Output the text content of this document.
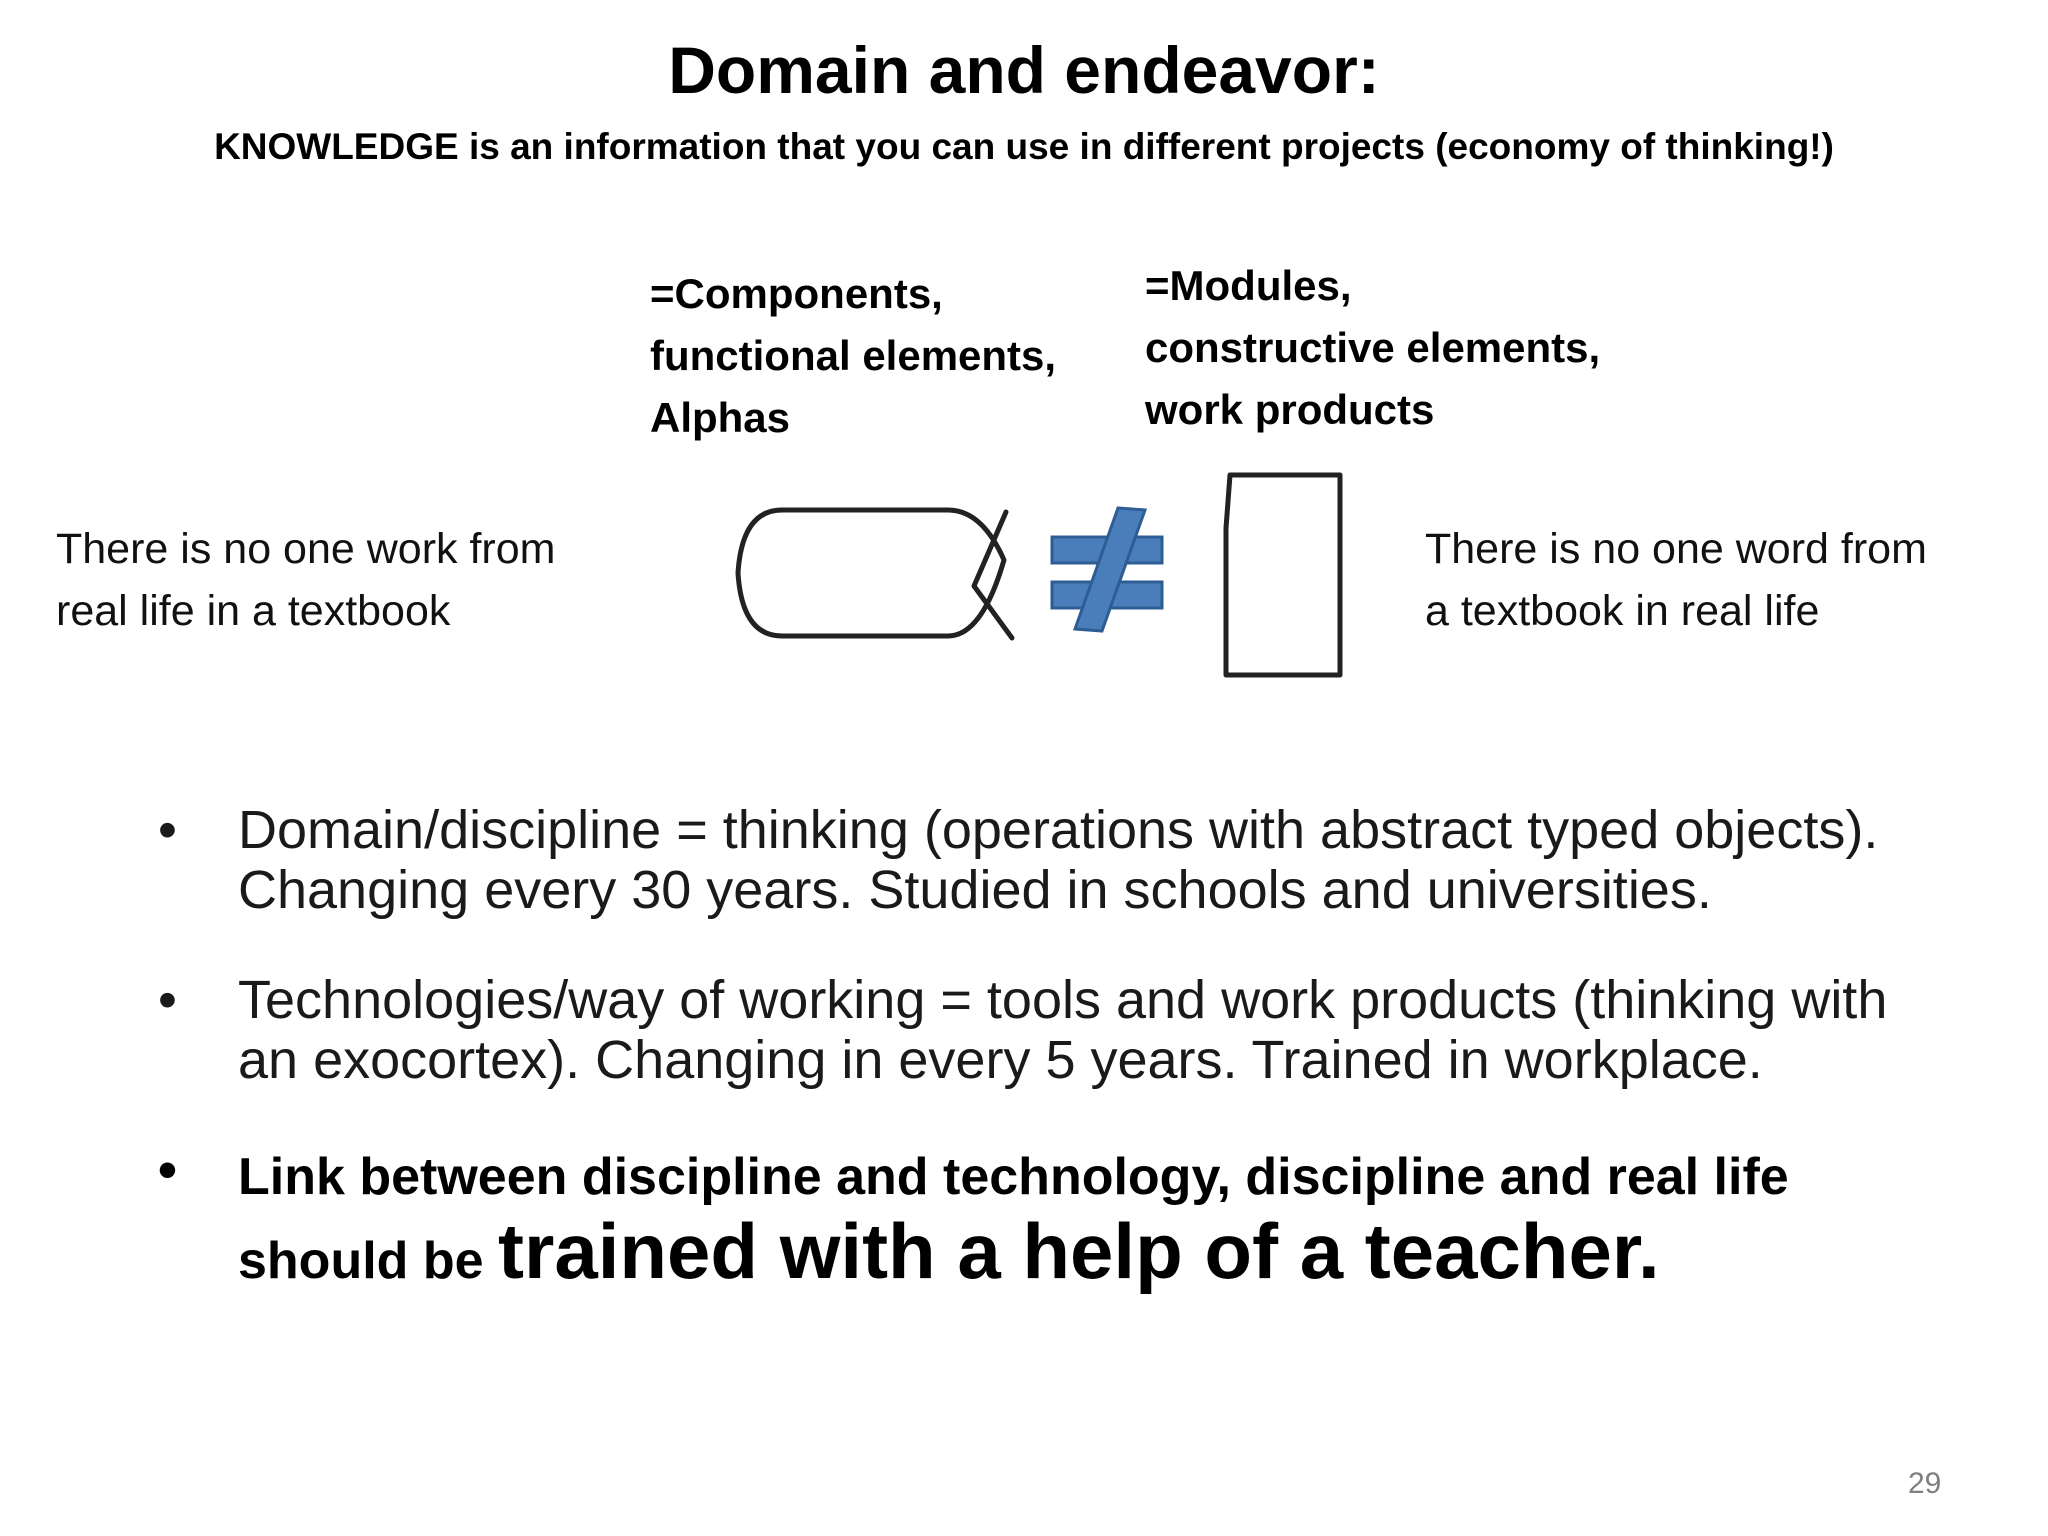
Domain and endeavor:
KNOWLEDGE is an information that you can use in different projects (economy of thinking!)
=Components,
functional elements,
Alphas
=Modules,
constructive elements,
work products
There is no one work from
real life in a textbook
There is no one word from
a textbook in real life
• Domain/discipline = thinking (operations with abstract typed objects). Changing every 30 years. Studied in schools and universities.
• Technologies/way of working = tools and work products (thinking with an exocortex). Changing in every 5 years. Trained in workplace.
• Link between discipline and technology, discipline and real life
should be trained with a help of a teacher.
29
